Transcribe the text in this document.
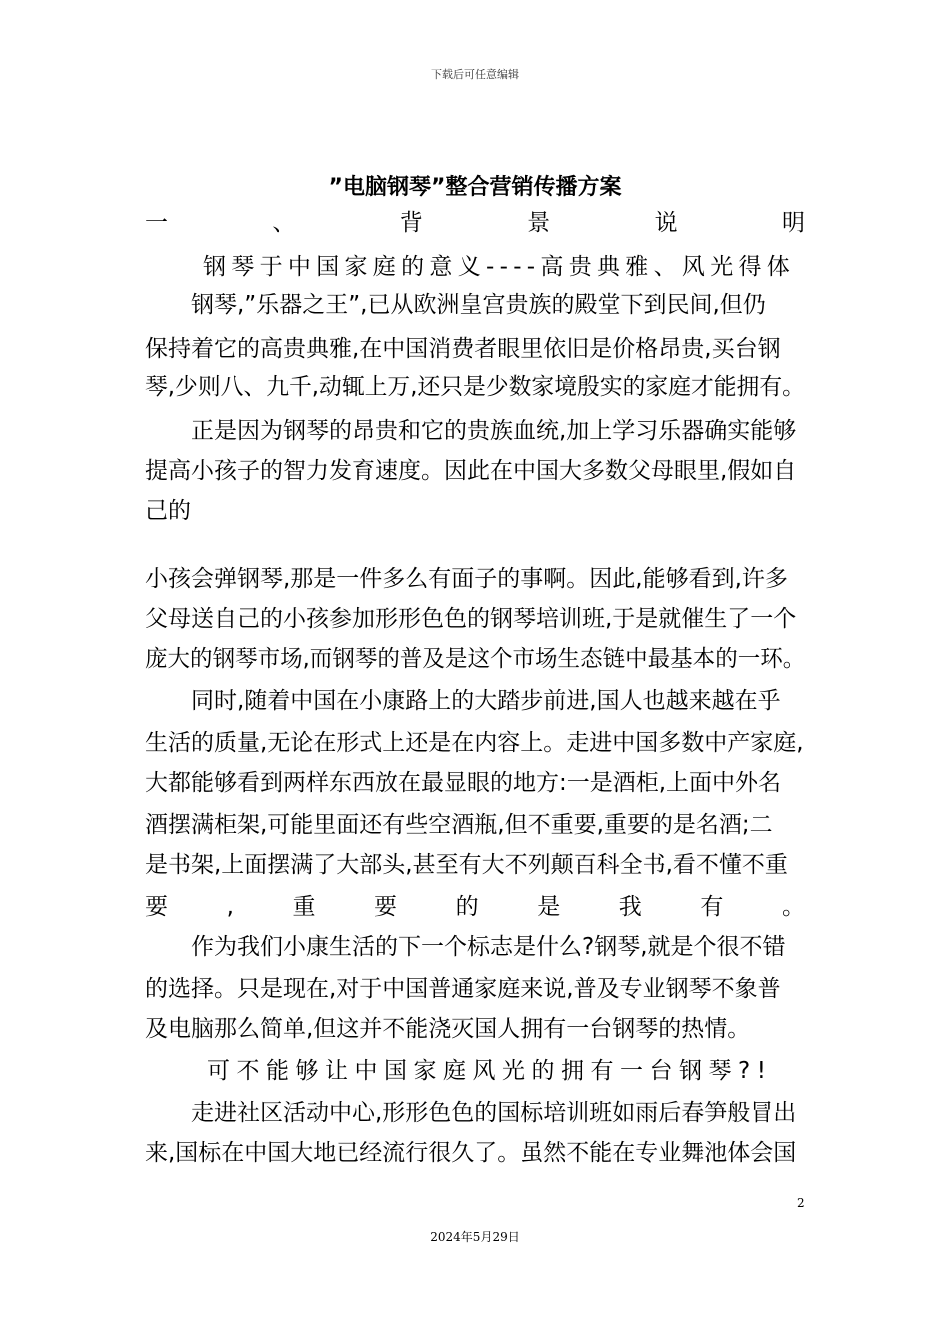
下载后可任意编辑
”电脑钢琴”整合营销传播方案
一	、	背	景	说	明
钢琴于中国家庭的意义----高贵典雅、风光得体
钢琴,”乐器之王”,已从欧洲皇宫贵族的殿堂下到民间,但仍
保持着它的高贵典雅,在中国消费者眼里依旧是价格昂贵,买台钢
琴,少则八、九千,动辄上万,还只是少数家境殷实的家庭才能拥有。
正是因为钢琴的昂贵和它的贵族血统,加上学习乐器确实能够
提高小孩子的智力发育速度。因此在中国大多数父母眼里,假如自
己的
小孩会弹钢琴,那是一件多么有面子的事啊。因此,能够看到,许多
父母送自己的小孩参加形形色色的钢琴培训班,于是就催生了一个
庞大的钢琴市场,而钢琴的普及是这个市场生态链中最基本的一环。
同时,随着中国在小康路上的大踏步前进,国人也越来越在乎
生活的质量,无论在形式上还是在内容上。走进中国多数中产家庭,
大都能够看到两样东西放在最显眼的地方:一是酒柜,上面中外名
酒摆满柜架,可能里面还有些空酒瓶,但不重要,重要的是名酒;二
是书架,上面摆满了大部头,甚至有大不列颠百科全书,看不懂不重
要	,	重	要	的	是	我	有	。
作为我们小康生活的下一个标志是什么?钢琴,就是个很不错
的选择。只是现在,对于中国普通家庭来说,普及专业钢琴不象普
及电脑那么简单,但这并不能浇灭国人拥有一台钢琴的热情。
可不能够让中国家庭风光的拥有一台钢琴?!
走进社区活动中心,形形色色的国标培训班如雨后春笋般冒出
来,国标在中国大地已经流行很久了。虽然不能在专业舞池体会国
2
2024年5月29日
